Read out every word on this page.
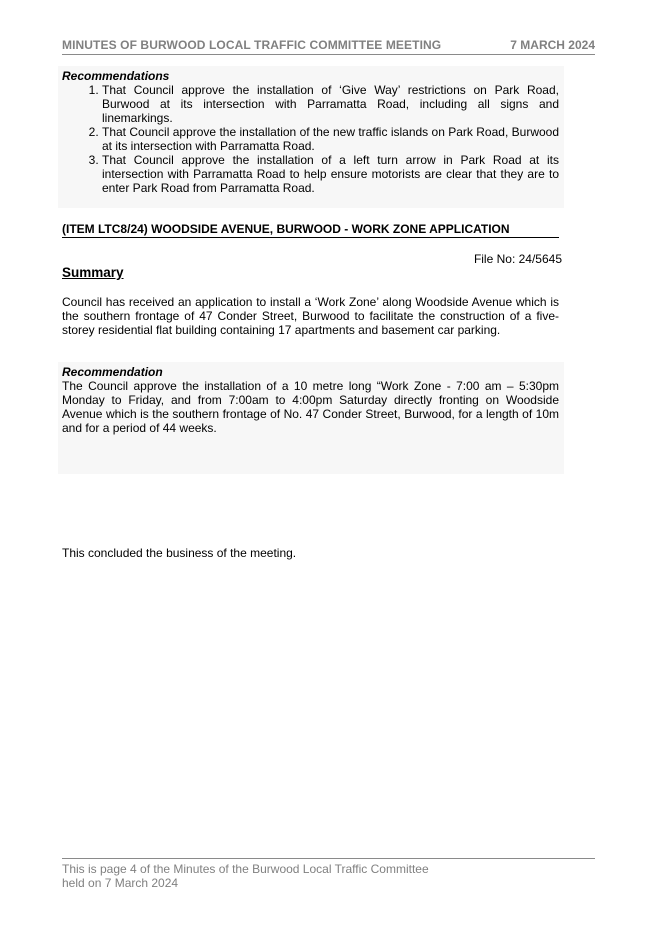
MINUTES OF BURWOOD LOCAL TRAFFIC COMMITTEE MEETING	7 MARCH 2024
Recommendations
1. That Council approve the installation of ‘Give Way’ restrictions on Park Road, Burwood at its intersection with Parramatta Road, including all signs and linemarkings.
2. That Council approve the installation of the new traffic islands on Park Road, Burwood at its intersection with Parramatta Road.
3. That Council approve the installation of a left turn arrow in Park Road at its intersection with Parramatta Road to help ensure motorists are clear that they are to enter Park Road from Parramatta Road.
(ITEM LTC8/24) WOODSIDE AVENUE, BURWOOD - WORK ZONE APPLICATION
File No: 24/5645
Summary
Council has received an application to install a ‘Work Zone’ along Woodside Avenue which is the southern frontage of 47 Conder Street, Burwood to facilitate the construction of a five-storey residential flat building containing 17 apartments and basement car parking.
Recommendation
The Council approve the installation of a 10 metre long “Work Zone - 7:00 am – 5:30pm Monday to Friday, and from 7:00am to 4:00pm Saturday directly fronting on Woodside Avenue which is the southern frontage of No. 47 Conder Street, Burwood, for a length of 10m and for a period of 44 weeks.
This concluded the business of the meeting.
This is page 4 of the Minutes of the Burwood Local Traffic Committee
held on 7 March 2024
